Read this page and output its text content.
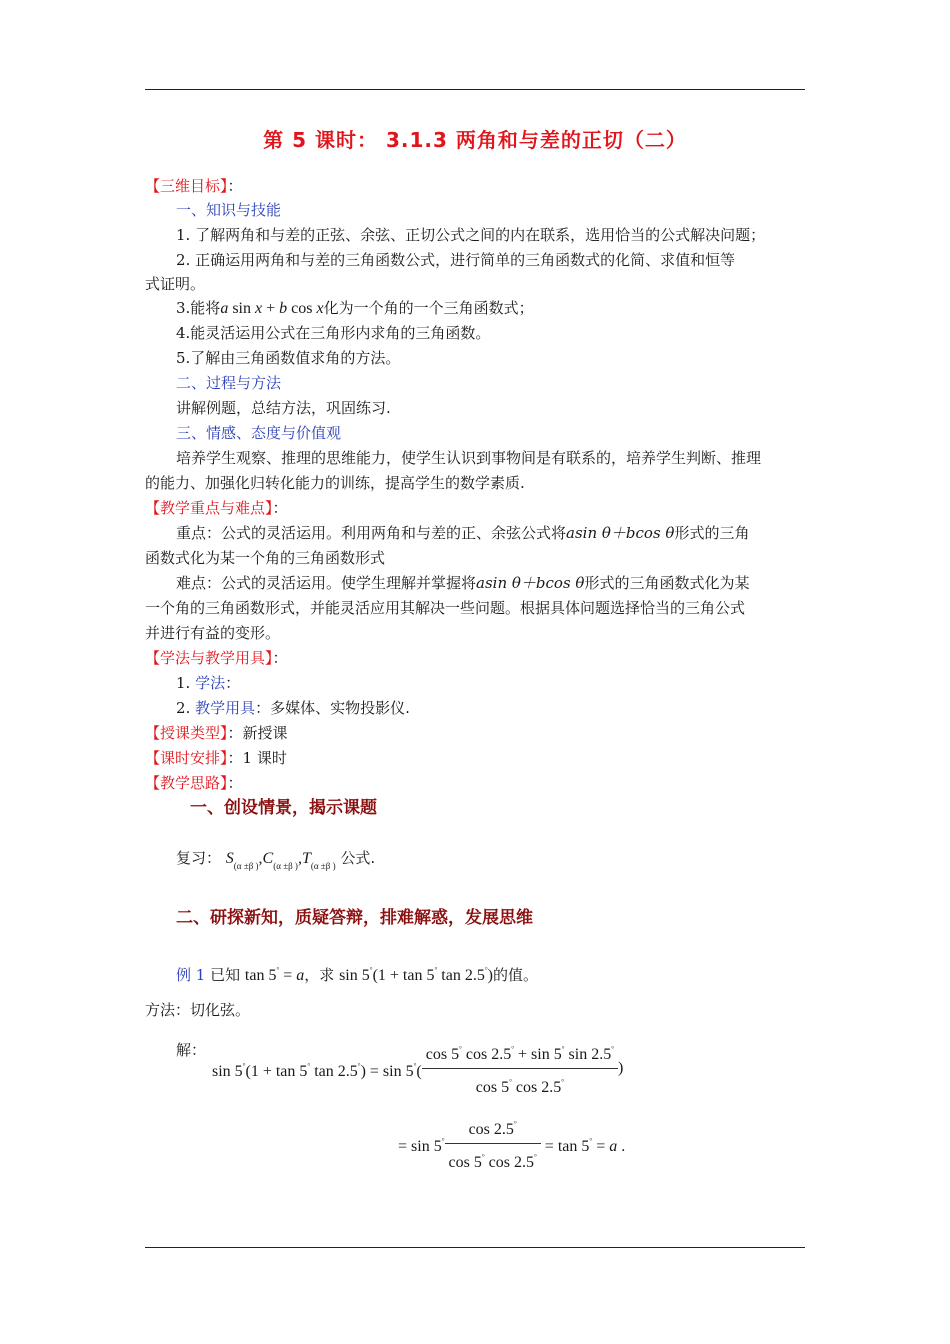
第 5 课时： 3.1.3 两角和与差的正切（二）
【三维目标】：
一、知识与技能
1. 了解两角和与差的正弦、余弦、正切公式之间的内在联系，选用恰当的公式解决问题；
2. 正确运用两角和与差的三角函数公式，进行简单的三角函数式的化简、求值和恒等
式证明。
3.能将a sin x + b cos x化为一个角的一个三角函数式；
4.能灵活运用公式在三角形内求角的三角函数。
5.了解由三角函数值求角的方法。
二、过程与方法
讲解例题，总结方法，巩固练习.
三、情感、态度与价值观
培养学生观察、推理的思维能力，使学生认识到事物间是有联系的，培养学生判断、推理
的能力、加强化归转化能力的训练，提高学生的数学素质.
【教学重点与难点】：
重点：公式的灵活运用。利用两角和与差的正、余弦公式将asin θ＋bcos θ形式的三角
函数式化为某一个角的三角函数形式
难点：公式的灵活运用。使学生理解并掌握将asin θ＋bcos θ形式的三角函数式化为某
一个角的三角函数形式，并能灵活应用其解决一些问题。根据具体问题选择恰当的三角公式
并进行有益的变形。
【学法与教学用具】：
1. 学法：
2. 教学用具：多媒体、实物投影仪.
【授课类型】：新授课
【课时安排】：1 课时
【教学思路】：
一、创设情景，揭示课题
复习： $S_{(\alpha \pm\beta )},C_{(\alpha \pm\beta )},T_{(\alpha \pm\beta )}$ 公式.
二、研探新知，质疑答辩，排难解惑，发展思维
例 1 已知 tan 5° = a，求 sin 5°(1 + tan 5° tan 2.5°)的值。
方法：切化弦。
解：
sin 5°(1 + tan 5° $\tan 2.5^\circ) = \sin 5^\circ( \frac{\cos 5^\circ \cos 2.5^\circ + \sin 5^\circ \sin 2.5^\circ}{\cos 5^\circ \cos 2.5^\circ}$ )
= $\sin 5^\circ \frac{\cos 2.5^\circ}{\cos 5^\circ \cos 2.5^\circ} = \tan 5^\circ = a$ .
